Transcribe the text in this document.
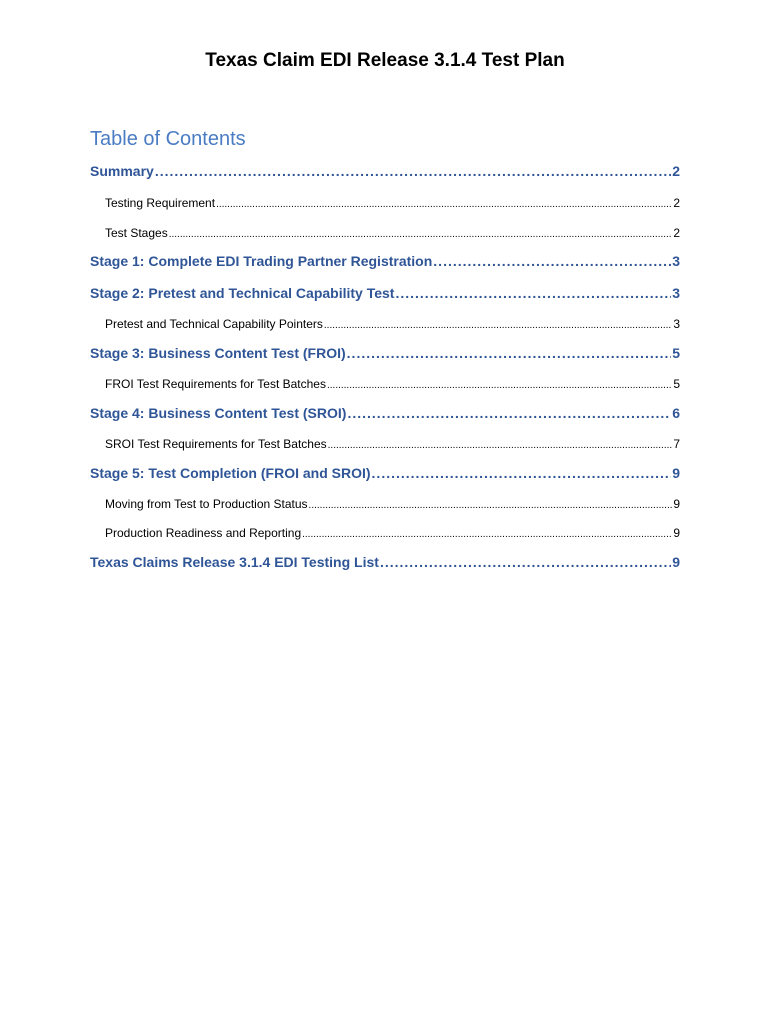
Texas Claim EDI Release 3.1.4 Test Plan
Table of Contents
Summary .....	2
Testing Requirement .....	2
Test Stages .....	2
Stage 1: Complete EDI Trading Partner Registration .....	3
Stage 2: Pretest and Technical Capability Test .....	3
Pretest and Technical Capability Pointers .....	3
Stage 3: Business Content Test (FROI) .....	5
FROI Test Requirements for Test Batches .....	5
Stage 4: Business Content Test (SROI) .....	6
SROI Test Requirements for Test Batches .....	7
Stage 5: Test Completion (FROI and SROI) .....	9
Moving from Test to Production Status .....	9
Production Readiness and Reporting .....	9
Texas Claims Release 3.1.4 EDI Testing List .....	9
